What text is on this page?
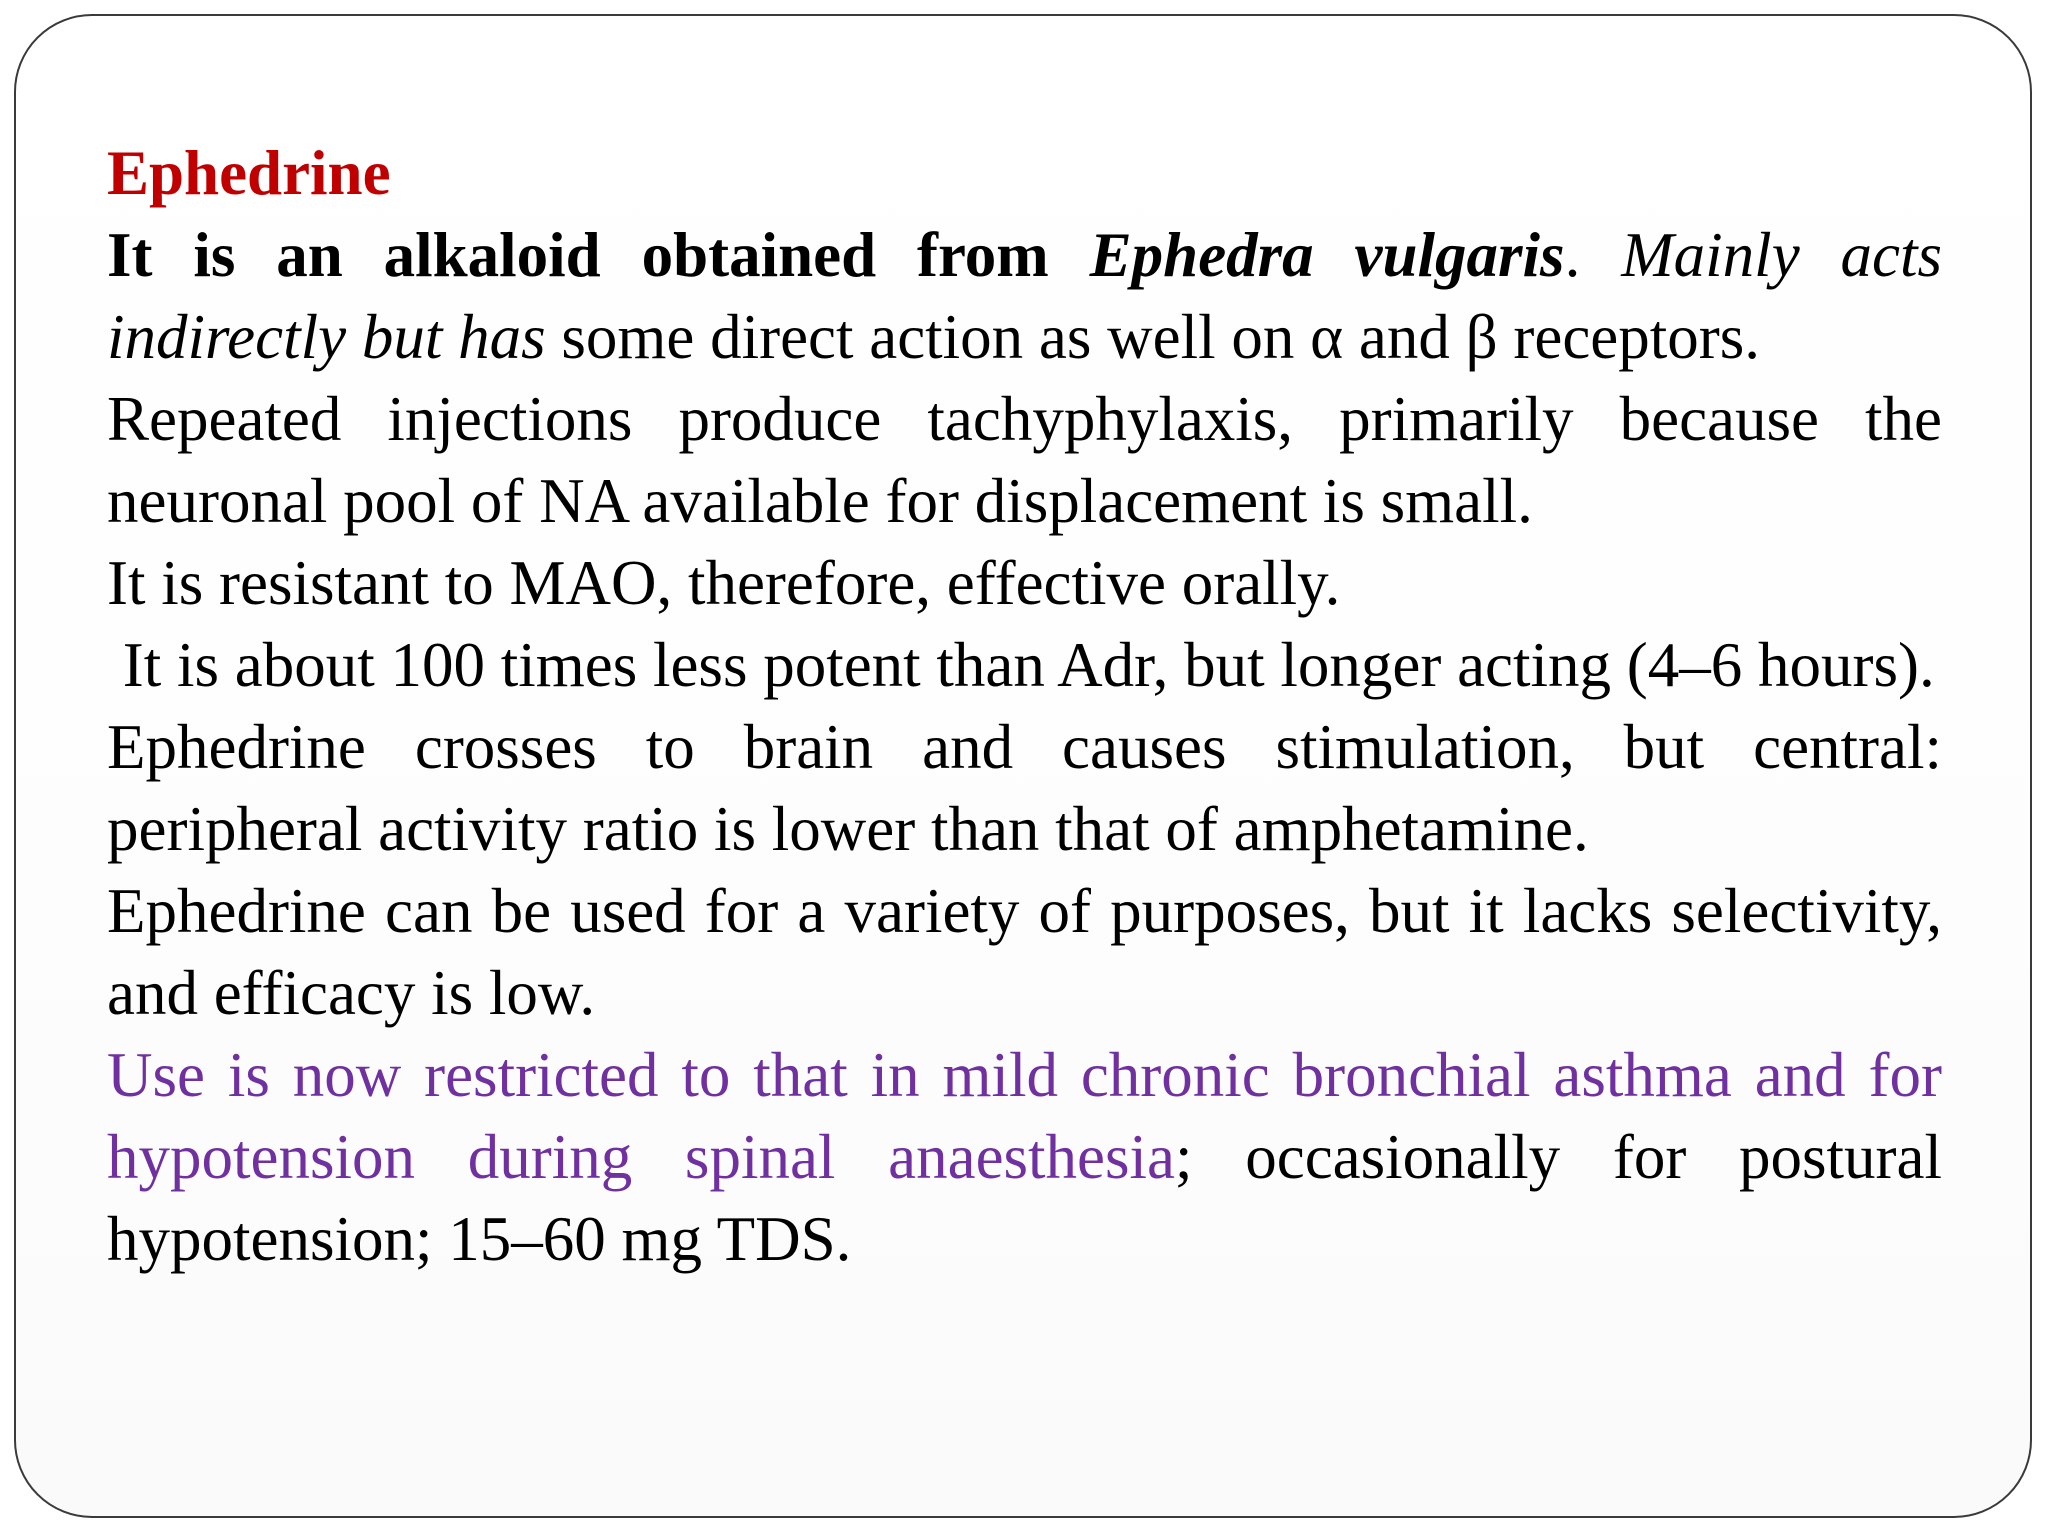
Ephedrine

It is an alkaloid obtained from Ephedra vulgaris. Mainly acts indirectly but has some direct action as well on α and β receptors.

Repeated injections produce tachyphylaxis, primarily because the neuronal pool of NA available for displacement is small.

It is resistant to MAO, therefore, effective orally.

It is about 100 times less potent than Adr, but longer acting (4–6 hours).

Ephedrine crosses to brain and causes stimulation, but central: peripheral activity ratio is lower than that of amphetamine.

Ephedrine can be used for a variety of purposes, but it lacks selectivity, and efficacy is low.

Use is now restricted to that in mild chronic bronchial asthma and for hypotension during spinal anaesthesia; occasionally for postural hypotension; 15–60 mg TDS.
